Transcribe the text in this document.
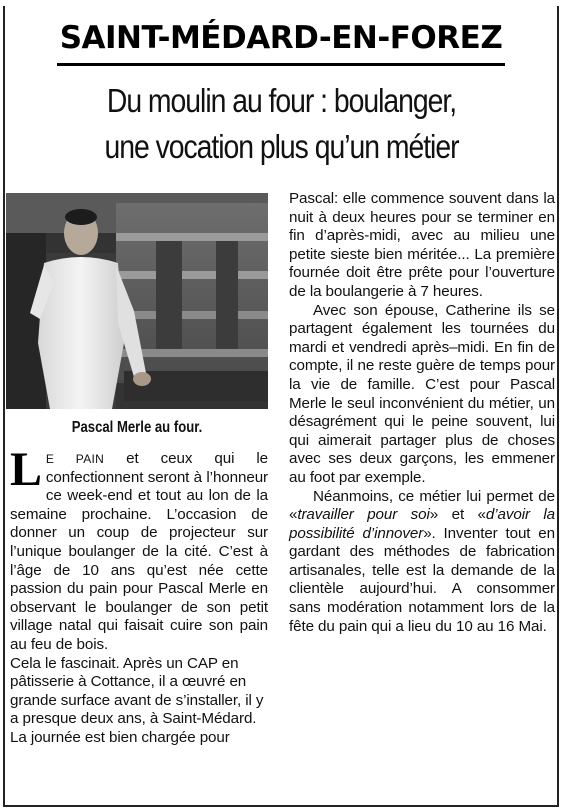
SAINT-MÉDARD-EN-FOREZ
Du moulin au four : boulanger,
une vocation plus qu’un métier
Pascal Merle au four.

L E PAIN et ceux qui le confectionnent seront à l’honneur ce week-end et tout au lon de la semaine prochaine. L’occasion de donner un coup de projecteur sur l’unique boulanger de la cité. C’est à l’âge de 10 ans qu’est née cette passion du pain pour Pascal Merle en observant le boulanger de son petit village natal qui faisait cuire son pain au feu de bois.

Cela le fascinait. Après un CAP en pâtisserie à Cottance, il a œuvré en grande surface avant de s’installer, il y a presque deux ans, à Saint-Médard. La journée est bien chargée pour
Pascal: elle commence souvent dans la nuit à deux heures pour se terminer en fin d’après-midi, avec au milieu une petite sieste bien méritée... La première fournée doit être prête pour l’ouverture de la boulangerie à 7 heures.

Avec son épouse, Catherine ils se partagent également les tournées du mardi et vendredi après–midi. En fin de compte, il ne reste guère de temps pour la vie de famille. C’est pour Pascal Merle le seul inconvénient du métier, un désagrément qui le peine souvent, lui qui aimerait partager plus de choses avec ses deux garçons, les emmener au foot par exemple.

Néanmoins, ce métier lui permet de «travailler pour soi» et «d’avoir la possibilité d’innover». Inventer tout en gardant des méthodes de fabrication artisanales, telle est la demande de la clientèle aujourd’hui. A consommer sans modération notamment lors de la fête du pain qui a lieu du 10 au 16 Mai.
